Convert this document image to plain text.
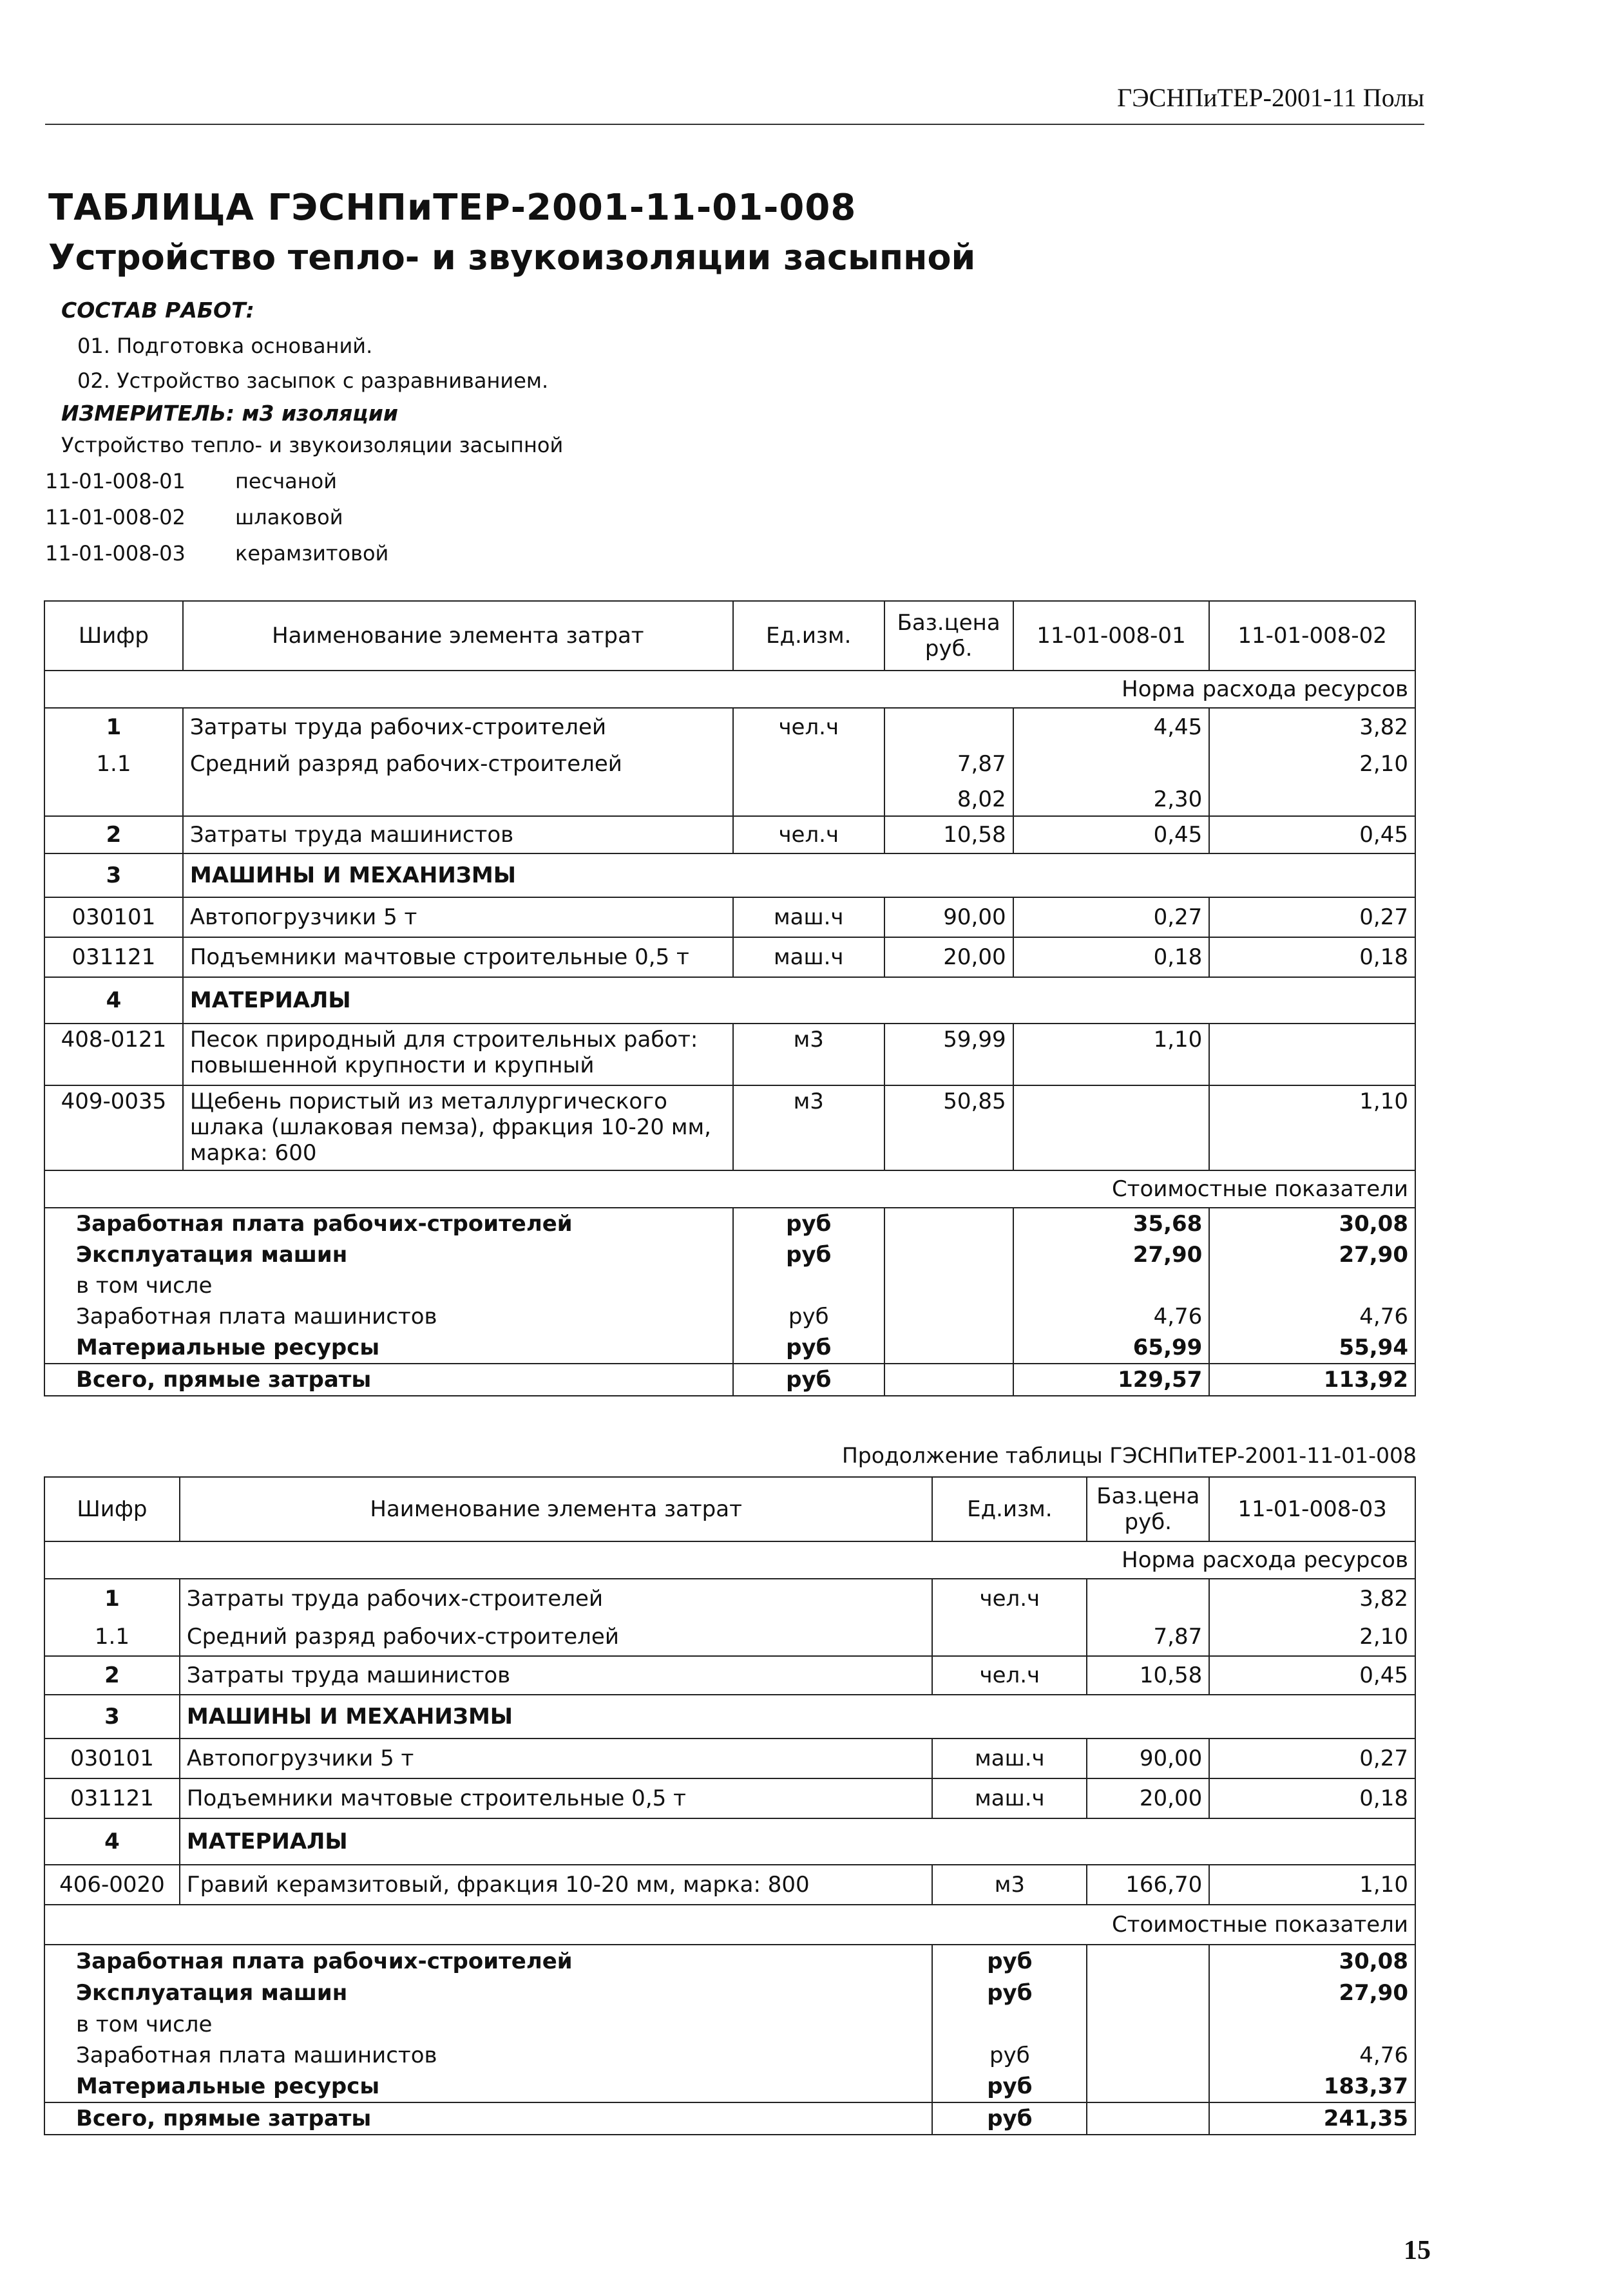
ГЭСНПиТЕР-2001-11 Полы
ТАБЛИЦА ГЭСНПиТЕР-2001-11-01-008
Устройство тепло- и звукоизоляции засыпной
СОСТАВ РАБОТ:
01. Подготовка оснований.
02. Устройство засыпок с разравниванием.
ИЗМЕРИТЕЛЬ: м3 изоляции
Устройство тепло- и звукоизоляции засыпной
11-01-008-01 песчаной
11-01-008-02 шлаковой
11-01-008-03 керамзитовой
Шифр	Наименование элемента затрат	Ед.изм.	Баз.цена руб.	11-01-008-01	11-01-008-02
Норма расхода ресурсов					
1	Затраты труда рабочих-строителей	чел.ч		4,45	3,82
1.1	Средний разряд рабочих-строителей		7,87		2,10
			8,02	2,30	
2	Затраты труда машинистов	чел.ч	10,58	0,45	0,45
3	МАШИНЫ И МЕХАНИЗМЫ				
030101	Автопогрузчики 5 т	маш.ч	90,00	0,27	0,27
031121	Подъемники мачтовые строительные 0,5 т	маш.ч	20,00	0,18	0,18
4	МАТЕРИАЛЫ				
408-0121	Песок природный для строительных работ: повышенной крупности и крупный	м3	59,99	1,10	
409-0035	Щебень пористый из металлургического шлака (шлаковая пемза), фракция 10-20 мм, марка: 600	м3	50,85		1,10
Стоимостные показатели					
Заработная плата рабочих-строителей		руб		35,68	30,08
Эксплуатация машин		руб		27,90	27,90
в том числе					
Заработная плата машинистов		руб		4,76	4,76
Материальные ресурсы		руб		65,99	55,94
Всего, прямые затраты		руб		129,57	113,92
Продолжение таблицы ГЭСНПиТЕР-2001-11-01-008
Шифр	Наименование элемента затрат	Ед.изм.	Баз.цена руб.	11-01-008-03
Норма расхода ресурсов				
1	Затраты труда рабочих-строителей	чел.ч		3,82
1.1	Средний разряд рабочих-строителей		7,87	2,10
2	Затраты труда машинистов	чел.ч	10,58	0,45
3	МАШИНЫ И МЕХАНИЗМЫ			
030101	Автопогрузчики 5 т	маш.ч	90,00	0,27
031121	Подъемники мачтовые строительные 0,5 т	маш.ч	20,00	0,18
4	МАТЕРИАЛЫ			
406-0020	Гравий керамзитовый, фракция 10-20 мм, марка: 800	м3	166,70	1,10
Стоимостные показатели				
Заработная плата рабочих-строителей		руб		30,08
Эксплуатация машин		руб		27,90
в том числе				
Заработная плата машинистов		руб		4,76
Материальные ресурсы		руб		183,37
Всего, прямые затраты		руб		241,35
15
